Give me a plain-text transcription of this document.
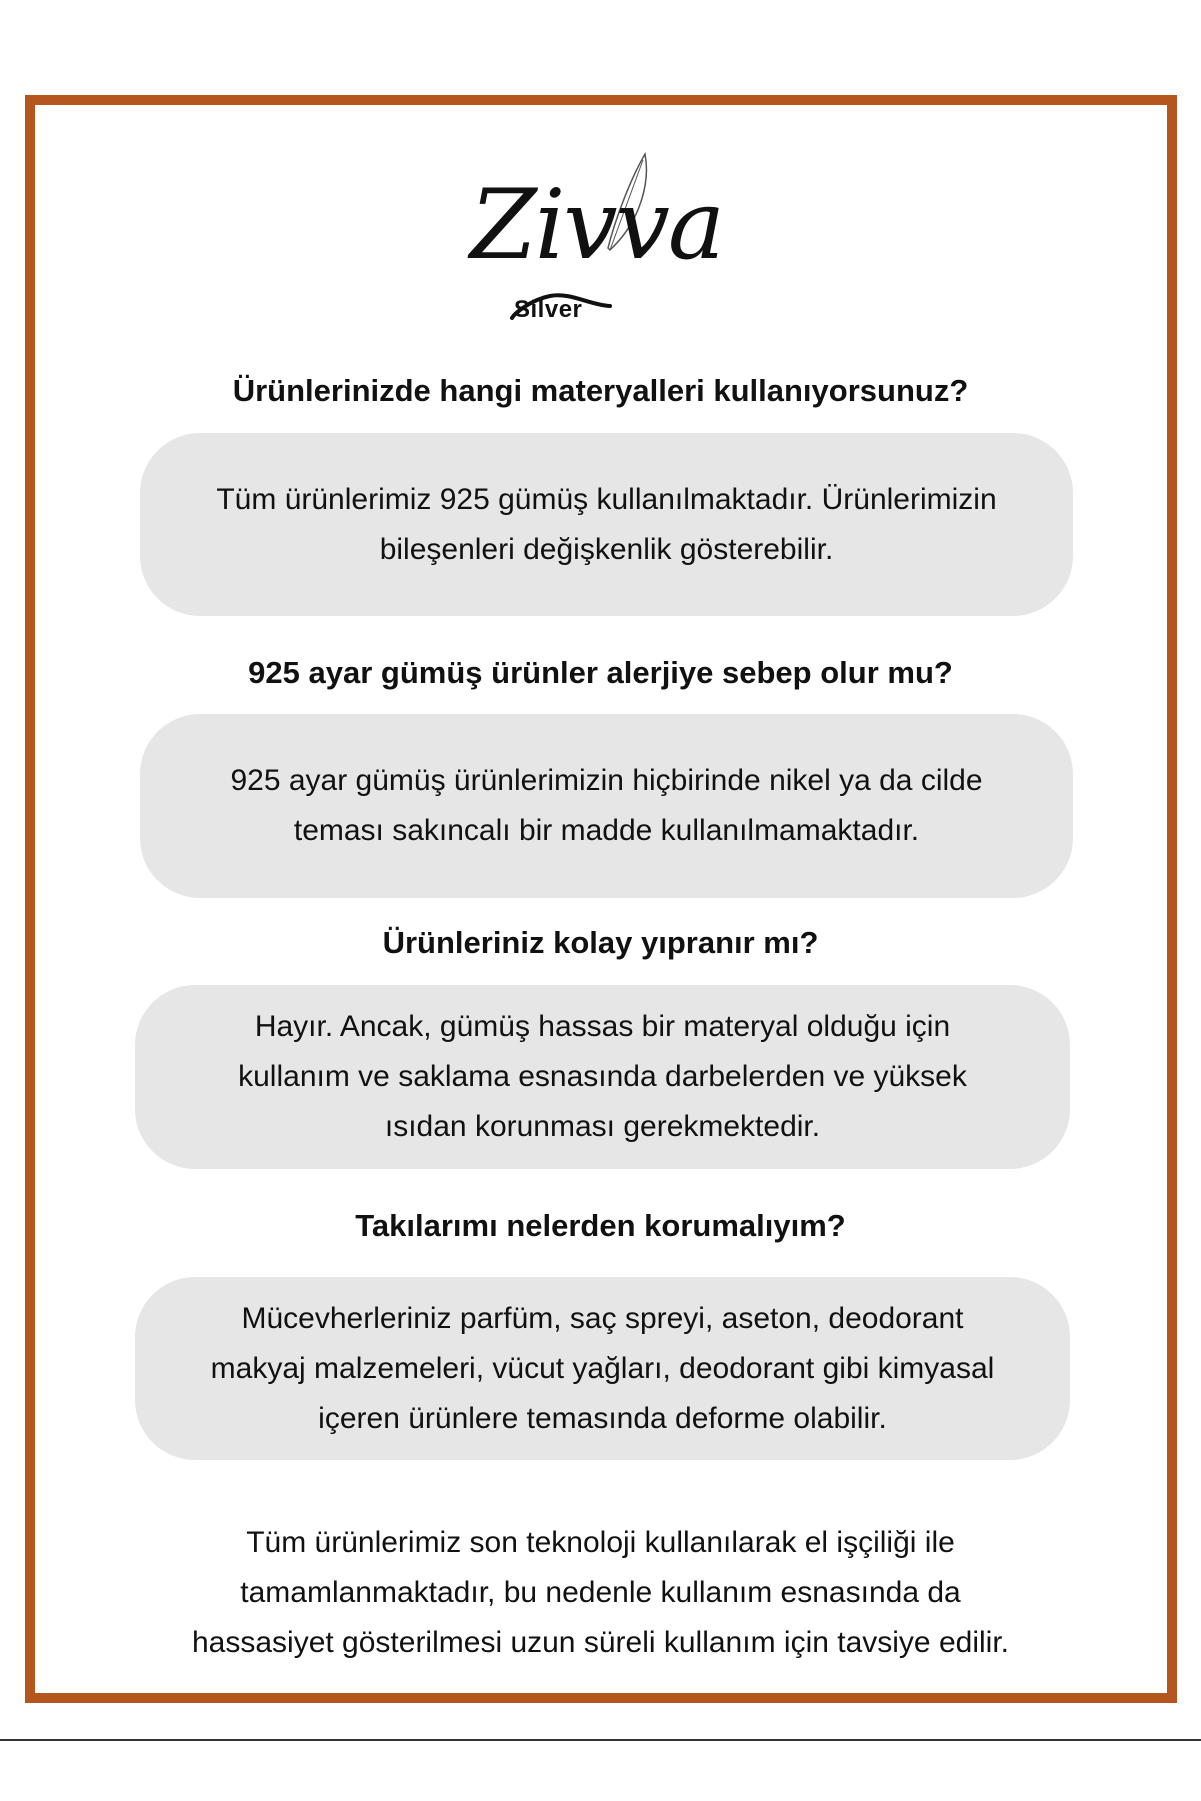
Zivva
Silver
Ürünlerinizde hangi materyalleri kullanıyorsunuz?
Tüm ürünlerimiz 925 gümüş kullanılmaktadır. Ürünlerimizin
bileşenleri değişkenlik gösterebilir.
925 ayar gümüş ürünler alerjiye sebep olur mu?
925 ayar gümüş ürünlerimizin hiçbirinde nikel ya da cilde
teması sakıncalı bir madde kullanılmamaktadır.
Ürünleriniz kolay yıpranır mı?
Hayır. Ancak, gümüş hassas bir materyal olduğu için
kullanım ve saklama esnasında darbelerden ve yüksek
ısıdan korunması gerekmektedir.
Takılarımı nelerden korumalıyım?
Mücevherleriniz parfüm, saç spreyi, aseton, deodorant
makyaj malzemeleri, vücut yağları, deodorant gibi kimyasal
içeren ürünlere temasında deforme olabilir.
Tüm ürünlerimiz son teknoloji kullanılarak el işçiliği ile
tamamlanmaktadır, bu nedenle kullanım esnasında da
hassasiyet gösterilmesi uzun süreli kullanım için tavsiye edilir.
